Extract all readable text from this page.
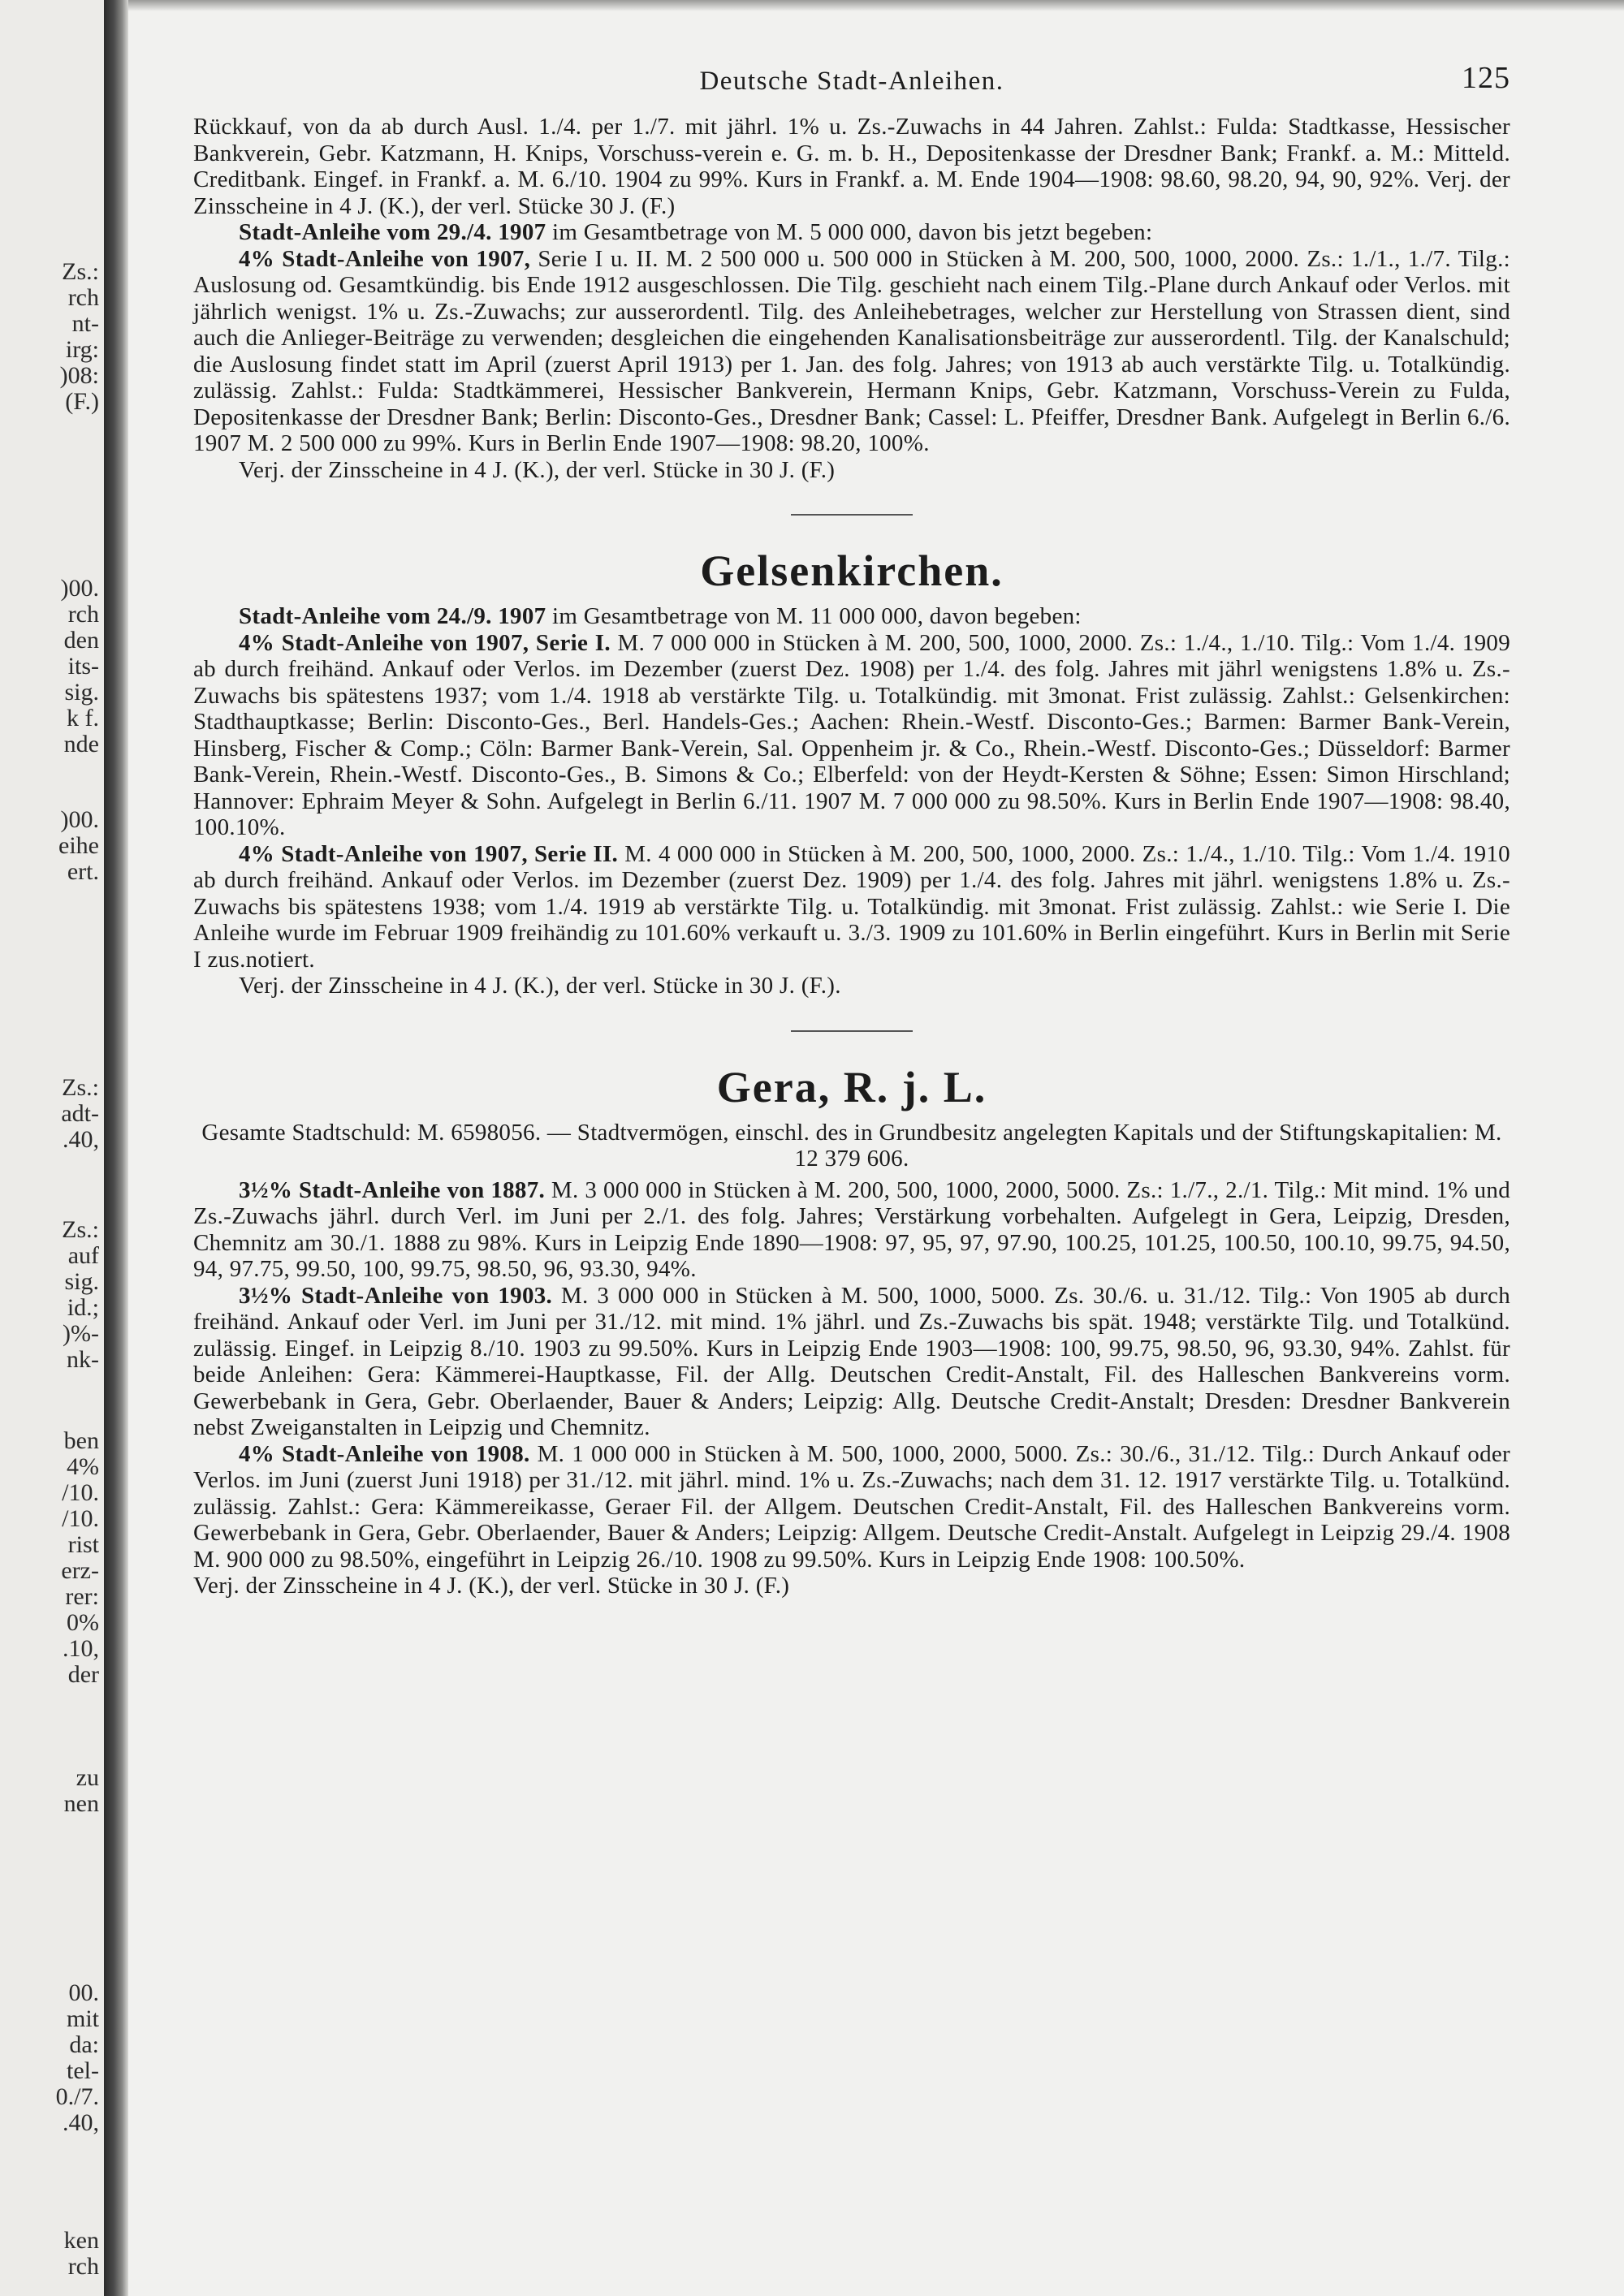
Zs.:
rch
nt-
irg:
)08:
(F.)
)00.
rch
den
its-
sig.
k f.
nde
)00.
eihe
ert.
Zs.:
adt-
.40,
Zs.:
auf
sig.
id.;
)%-
nk-
ben
4%
/10.
/10.
rist
erz-
rer:
0%
.10,
der
zu
nen
00.
mit
da:
tel-
0./7.
.40,
ken
rch
Deutsche Stadt-Anleihen.	125

Rückkauf, von da ab durch Ausl. 1./4. per 1./7. mit jährl. 1% u. Zs.-Zuwachs in 44 Jahren. Zahlst.: Fulda: Stadtkasse, Hessischer Bankverein, Gebr. Katzmann, H. Knips, Vorschuss-verein e. G. m. b. H., Depositenkasse der Dresdner Bank; Frankf. a. M.: Mitteld. Creditbank. Eingef. in Frankf. a. M. 6./10. 1904 zu 99%. Kurs in Frankf. a. M. Ende 1904—1908: 98.60, 98.20, 94, 90, 92%. Verj. der Zinsscheine in 4 J. (K.), der verl. Stücke 30 J. (F.)

Stadt-Anleihe vom 29./4. 1907 im Gesamtbetrage von M. 5 000 000, davon bis jetzt begeben:

4% Stadt-Anleihe von 1907, Serie I u. II. M. 2 500 000 u. 500 000 in Stücken à M. 200, 500, 1000, 2000. Zs.: 1./1., 1./7. Tilg.: Auslosung od. Gesamtkündig. bis Ende 1912 ausgeschlossen. Die Tilg. geschieht nach einem Tilg.-Plane durch Ankauf oder Verlos. mit jährlich wenigst. 1% u. Zs.-Zuwachs; zur ausserordentl. Tilg. des Anleihebetrages, welcher zur Herstellung von Strassen dient, sind auch die Anlieger-Beiträge zu verwenden; desgleichen die eingehenden Kanalisationsbeiträge zur ausserordentl. Tilg. der Kanalschuld; die Auslosung findet statt im April (zuerst April 1913) per 1. Jan. des folg. Jahres; von 1913 ab auch verstärkte Tilg. u. Totalkündig. zulässig. Zahlst.: Fulda: Stadtkämmerei, Hessischer Bankverein, Hermann Knips, Gebr. Katzmann, Vorschuss-Verein zu Fulda, Depositenkasse der Dresdner Bank; Berlin: Disconto-Ges., Dresdner Bank; Cassel: L. Pfeiffer, Dresdner Bank. Aufgelegt in Berlin 6./6. 1907 M. 2 500 000 zu 99%. Kurs in Berlin Ende 1907—1908: 98.20, 100%.

Verj. der Zinsscheine in 4 J. (K.), der verl. Stücke in 30 J. (F.)

Gelsenkirchen.

Stadt-Anleihe vom 24./9. 1907 im Gesamtbetrage von M. 11 000 000, davon begeben:

4% Stadt-Anleihe von 1907, Serie I. M. 7 000 000 in Stücken à M. 200, 500, 1000, 2000. Zs.: 1./4., 1./10. Tilg.: Vom 1./4. 1909 ab durch freihänd. Ankauf oder Verlos. im Dezember (zuerst Dez. 1908) per 1./4. des folg. Jahres mit jährl wenigstens 1.8% u. Zs.-Zuwachs bis spätestens 1937; vom 1./4. 1918 ab verstärkte Tilg. u. Totalkündig. mit 3monat. Frist zulässig. Zahlst.: Gelsenkirchen: Stadthauptkasse; Berlin: Disconto-Ges., Berl. Handels-Ges.; Aachen: Rhein.-Westf. Disconto-Ges.; Barmen: Barmer Bank-Verein, Hinsberg, Fischer & Comp.; Cöln: Barmer Bank-Verein, Sal. Oppenheim jr. & Co., Rhein.-Westf. Disconto-Ges.; Düsseldorf: Barmer Bank-Verein, Rhein.-Westf. Disconto-Ges., B. Simons & Co.; Elberfeld: von der Heydt-Kersten & Söhne; Essen: Simon Hirschland; Hannover: Ephraim Meyer & Sohn. Aufgelegt in Berlin 6./11. 1907 M. 7 000 000 zu 98.50%. Kurs in Berlin Ende 1907—1908: 98.40, 100.10%.

4% Stadt-Anleihe von 1907, Serie II. M. 4 000 000 in Stücken à M. 200, 500, 1000, 2000. Zs.: 1./4., 1./10. Tilg.: Vom 1./4. 1910 ab durch freihänd. Ankauf oder Verlos. im Dezember (zuerst Dez. 1909) per 1./4. des folg. Jahres mit jährl. wenigstens 1.8% u. Zs.-Zuwachs bis spätestens 1938; vom 1./4. 1919 ab verstärkte Tilg. u. Totalkündig. mit 3monat. Frist zulässig. Zahlst.: wie Serie I. Die Anleihe wurde im Februar 1909 freihändig zu 101.60% verkauft u. 3./3. 1909 zu 101.60% in Berlin eingeführt. Kurs in Berlin mit Serie I zus.notiert.

Verj. der Zinsscheine in 4 J. (K.), der verl. Stücke in 30 J. (F.).

Gera, R. j. L.

Gesamte Stadtschuld: M. 6598056. — Stadtvermögen, einschl. des in Grundbesitz angelegten Kapitals und der Stiftungskapitalien: M. 12 379 606.

3½% Stadt-Anleihe von 1887. M. 3 000 000 in Stücken à M. 200, 500, 1000, 2000, 5000. Zs.: 1./7., 2./1. Tilg.: Mit mind. 1% und Zs.-Zuwachs jährl. durch Verl. im Juni per 2./1. des folg. Jahres; Verstärkung vorbehalten. Aufgelegt in Gera, Leipzig, Dresden, Chemnitz am 30./1. 1888 zu 98%. Kurs in Leipzig Ende 1890—1908: 97, 95, 97, 97.90, 100.25, 101.25, 100.50, 100.10, 99.75, 94.50, 94, 97.75, 99.50, 100, 99.75, 98.50, 96, 93.30, 94%.

3½% Stadt-Anleihe von 1903. M. 3 000 000 in Stücken à M. 500, 1000, 5000. Zs. 30./6. u. 31./12. Tilg.: Von 1905 ab durch freihänd. Ankauf oder Verl. im Juni per 31./12. mit mind. 1% jährl. und Zs.-Zuwachs bis spät. 1948; verstärkte Tilg. und Totalkünd. zulässig. Eingef. in Leipzig 8./10. 1903 zu 99.50%. Kurs in Leipzig Ende 1903—1908: 100, 99.75, 98.50, 96, 93.30, 94%. Zahlst. für beide Anleihen: Gera: Kämmerei-Hauptkasse, Fil. der Allg. Deutschen Credit-Anstalt, Fil. des Halleschen Bankvereins vorm. Gewerbebank in Gera, Gebr. Oberlaender, Bauer & Anders; Leipzig: Allg. Deutsche Credit-Anstalt; Dresden: Dresdner Bankverein nebst Zweiganstalten in Leipzig und Chemnitz.

4% Stadt-Anleihe von 1908. M. 1 000 000 in Stücken à M. 500, 1000, 2000, 5000. Zs.: 30./6., 31./12. Tilg.: Durch Ankauf oder Verlos. im Juni (zuerst Juni 1918) per 31./12. mit jährl. mind. 1% u. Zs.-Zuwachs; nach dem 31. 12. 1917 verstärkte Tilg. u. Totalkünd. zulässig. Zahlst.: Gera: Kämmereikasse, Geraer Fil. der Allgem. Deutschen Credit-Anstalt, Fil. des Halleschen Bankvereins vorm. Gewerbebank in Gera, Gebr. Oberlaender, Bauer & Anders; Leipzig: Allgem. Deutsche Credit-Anstalt. Aufgelegt in Leipzig 29./4. 1908 M. 900 000 zu 98.50%, eingeführt in Leipzig 26./10. 1908 zu 99.50%. Kurs in Leipzig Ende 1908: 100.50%.

Verj. der Zinsscheine in 4 J. (K.), der verl. Stücke in 30 J. (F.)
